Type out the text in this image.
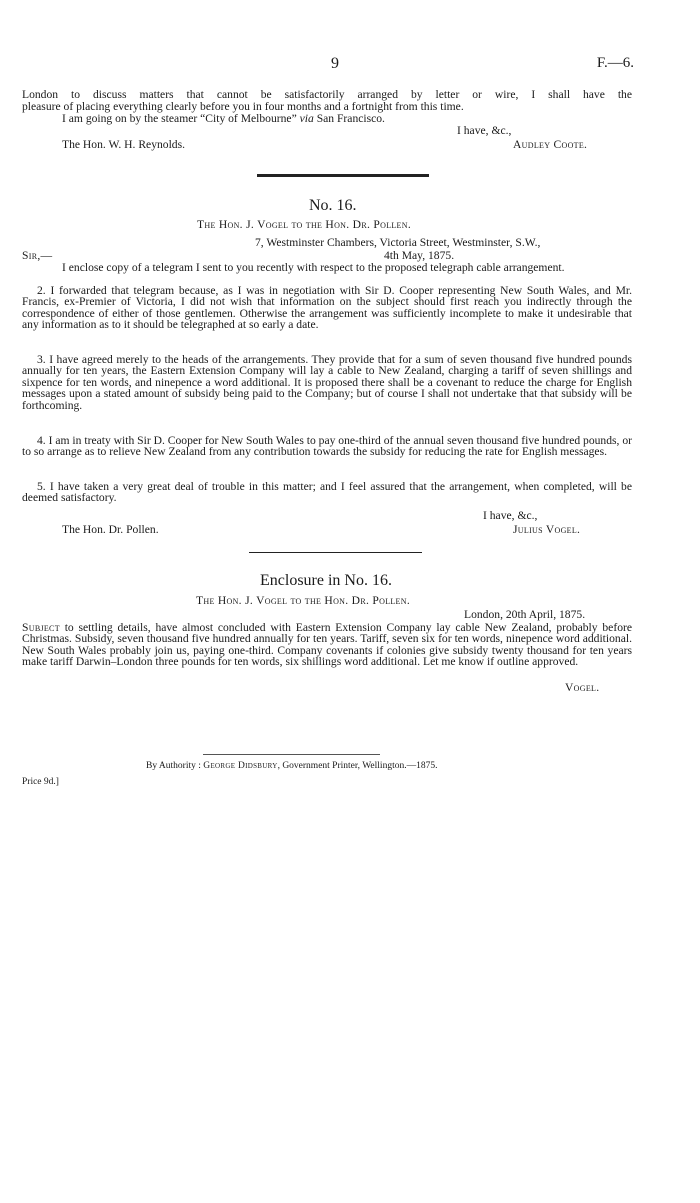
9	F.—6.
London to discuss matters that cannot be satisfactorily arranged by letter or wire, I shall have the
pleasure of placing everything clearly before you in four months and a fortnight from this time.
I am going on by the steamer “City of Melbourne” via San Francisco.
I have, &c.,
The Hon. W. H. Reynolds.	Audley Coote.
No. 16.
The Hon. J. Vogel to the Hon. Dr. Pollen.
7, Westminster Chambers, Victoria Street, Westminster, S.W.,
Sir,—	4th May, 1875.
I enclose copy of a telegram I sent to you recently with respect to the proposed telegraph cable arrangement.
2. I forwarded that telegram because, as I was in negotiation with Sir D. Cooper representing New South Wales, and Mr. Francis, ex-Premier of Victoria, I did not wish that information on the subject should first reach you indirectly through the correspondence of either of those gentlemen. Otherwise the arrangement was sufficiently incomplete to make it undesirable that any information as to it should be telegraphed at so early a date.
3. I have agreed merely to the heads of the arrangements. They provide that for a sum of seven thousand five hundred pounds annually for ten years, the Eastern Extension Company will lay a cable to New Zealand, charging a tariff of seven shillings and sixpence for ten words, and ninepence a word additional. It is proposed there shall be a covenant to reduce the charge for English messages upon a stated amount of subsidy being paid to the Company; but of course I shall not undertake that that subsidy will be forthcoming.
4. I am in treaty with Sir D. Cooper for New South Wales to pay one-third of the annual seven thousand five hundred pounds, or to so arrange as to relieve New Zealand from any contribution towards the subsidy for reducing the rate for English messages.
5. I have taken a very great deal of trouble in this matter; and I feel assured that the arrangement, when completed, will be deemed satisfactory.
I have, &c.,
The Hon. Dr. Pollen.	Julius Vogel.
Enclosure in No. 16.
The Hon. J. Vogel to the Hon. Dr. Pollen.
London, 20th April, 1875.
Subject to settling details, have almost concluded with Eastern Extension Company lay cable New Zealand, probably before Christmas. Subsidy, seven thousand five hundred annually for ten years. Tariff, seven six for ten words, ninepence word additional. New South Wales probably join us, paying one-third. Company covenants if colonies give subsidy twenty thousand for ten years make tariff Darwin–London three pounds for ten words, six shillings word additional. Let me know if outline approved.
Vogel.
By Authority : George Didsbury, Government Printer, Wellington.—1875.
Price 9d.]
